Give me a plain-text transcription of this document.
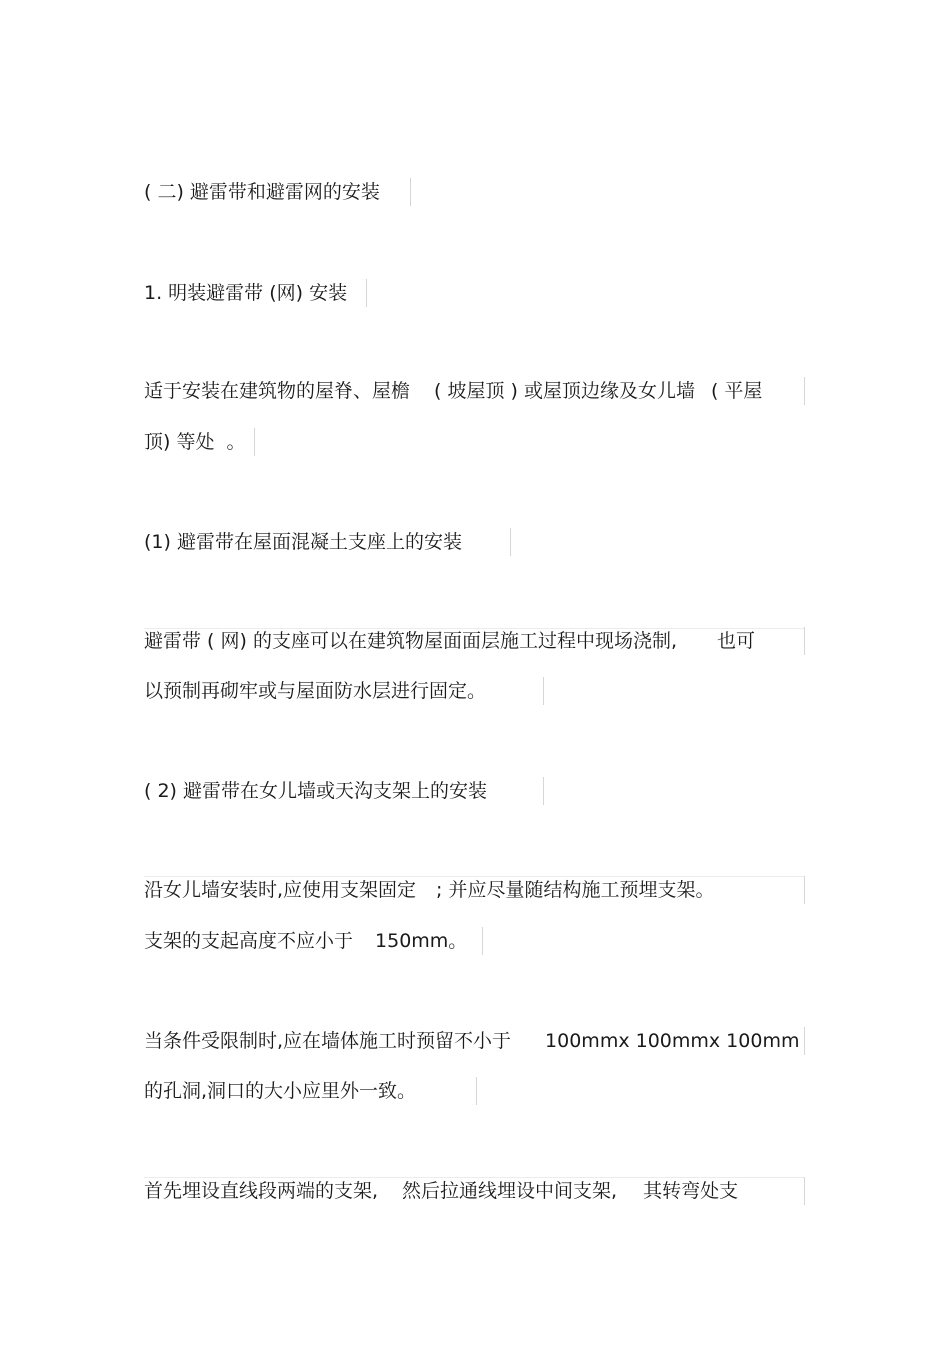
( 二) 避雷带和避雷网的安装
1. 明装避雷带 (网) 安装
适于安装在建筑物的屋脊、屋檐 ( 坡屋顶 ) 或屋顶边缘及女儿墙 ( 平屋
顶) 等处 。
(1) 避雷带在屋面混凝土支座上的安装
避雷带 ( 网) 的支座可以在建筑物屋面面层施工过程中现场浇制, 也可
以预制再砌牢或与屋面防水层进行固定。
( 2) 避雷带在女儿墙或天沟支架上的安装
沿女儿墙安装时,应使用支架固定 ; 并应尽量随结构施工预埋支架。
支架的支起高度不应小于 150mm。
当条件受限制时,应在墙体施工时预留不小于 100mmx 100mmx 100mm
的孔洞,洞口的大小应里外一致。
首先埋设直线段两端的支架, 然后拉通线埋设中间支架, 其转弯处支
